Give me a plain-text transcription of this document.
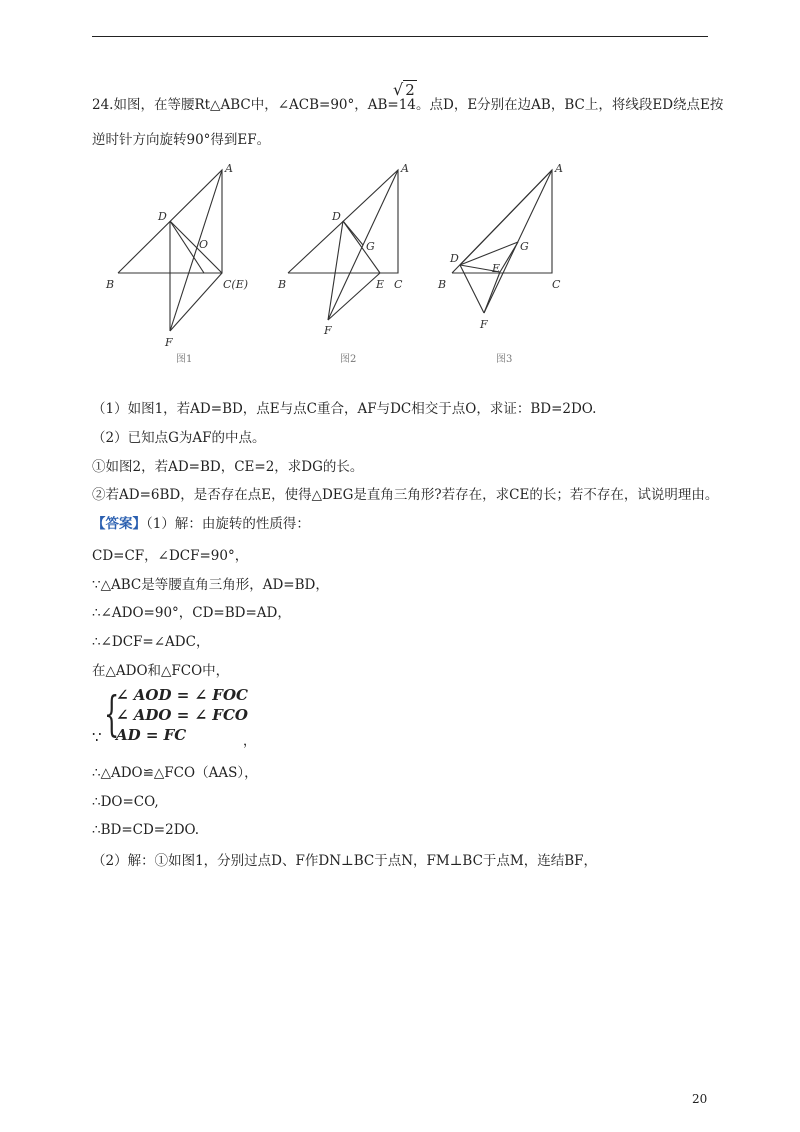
24.如图，在等腰Rt△ABC中，∠ACB=90°，AB=14
√ 2
。点D，E分别在边AB，BC上，将线段ED绕点E按
逆时针方向旋转90°得到EF。
A
B	C(E)
D
O
F
图1
A
B	C
D
E
G
F
图2
A
B	C
D
E
G
F
图3
（1）如图1，若AD=BD，点E与点C重合，AF与DC相交于点O，求证：BD=2DO.
（2）已知点G为AF的中点。
①如图2，若AD=BD，CE=2，求DG的长。
②若AD=6BD，是否存在点E，使得△DEG是直角三角形?若存在，求CE的长；若不存在，试说明理由。
【答案】（1）解：由旋转的性质得：
CD=CF，∠DCF=90°，
∵△ABC是等腰直角三角形，AD=BD，
∴∠ADO=90°，CD=BD=AD，
∴∠DCF=∠ADC，
在△ADO和△FCO中，
{
∠ AOD = ∠ FOC
∠ ADO = ∠ FCO
AD = FC
∵	，
∴△ADO≌△FCO（AAS），
∴DO=CO,
∴BD=CD=2DO.
（2）解：①如图1，分别过点D、F作DN⊥BC于点N，FM⊥BC于点M，连结BF，
20
